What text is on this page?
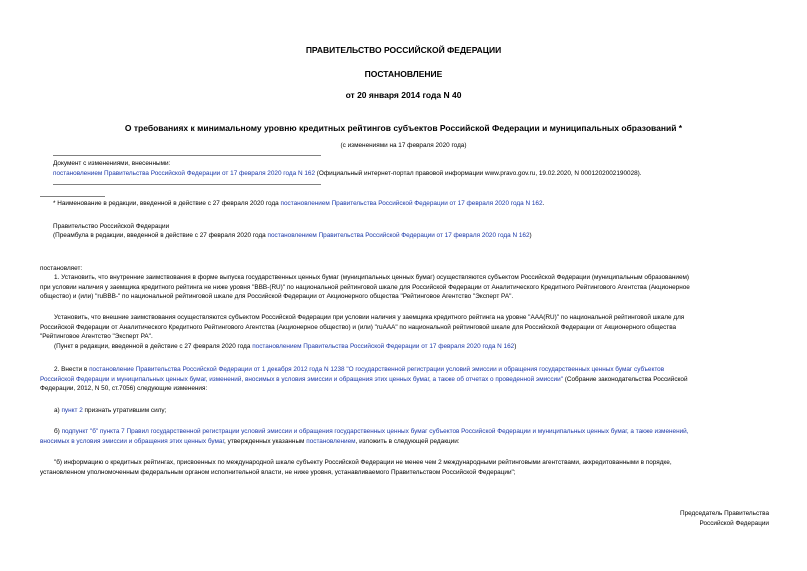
ПРАВИТЕЛЬСТВО РОССИЙСКОЙ ФЕДЕРАЦИИ
ПОСТАНОВЛЕНИЕ
от 20 января 2014 года N 40
О требованиях к минимальному уровню кредитных рейтингов субъектов Российской Федерации и муниципальных образований *
(с изменениями на 17 февраля 2020 года)
Документ с изменениями, внесенными:
постановлением Правительства Российской Федерации от 17 февраля 2020 года N 162 (Официальный интернет-портал правовой информации www.pravo.gov.ru, 19.02.2020, N 0001202002190028).
* Наименование в редакции, введенной в действие с 27 февраля 2020 года постановлением Правительства Российской Федерации от 17 февраля 2020 года N 162.
Правительство Российской Федерации
(Преамбула в редакции, введенной в действие с 27 февраля 2020 года постановлением Правительства Российской Федерации от 17 февраля 2020 года N 162)
постановляет:
1. Установить, что внутренние заимствования в форме выпуска государственных ценных бумаг (муниципальных ценных бумаг) осуществляются субъектом Российской Федерации (муниципальным образованием)
при условии наличия у заемщика кредитного рейтинга не ниже уровня "BBB-(RU)" по национальной рейтинговой шкале для Российской Федерации от Аналитического Кредитного Рейтингового Агентства (Акционерное
общество) и (или) "ruBBB-" по национальной рейтинговой шкале для Российской Федерации от Акционерного общества "Рейтинговое Агентство "Эксперт РА".
Установить, что внешние заимствования осуществляются субъектом Российской Федерации при условии наличия у заемщика кредитного рейтинга на уровне "AAA(RU)" по национальной рейтинговой шкале для
Российской Федерации от Аналитического Кредитного Рейтингового Агентства (Акционерное общество) и (или) "ruAAA" по национальной рейтинговой шкале для Российской Федерации от Акционерного общества
"Рейтинговое Агентство "Эксперт РА".
(Пункт в редакции, введенной в действие с 27 февраля 2020 года постановлением Правительства Российской Федерации от 17 февраля 2020 года N 162)
2. Внести в постановление Правительства Российской Федерации от 1 декабря 2012 года N 1238 "О государственной регистрации условий эмиссии и обращения государственных ценных бумаг субъектов
Российской Федерации и муниципальных ценных бумаг, изменений, вносимых в условия эмиссии и обращения этих ценных бумаг, а также об отчетах о проведенной эмиссии" (Собрание законодательства Российской
Федерации, 2012, N 50, ст.7056) следующие изменения:
а) пункт 2 признать утратившим силу;
б) подпункт "б" пункта 7 Правил государственной регистрации условий эмиссии и обращения государственных ценных бумаг субъектов Российской Федерации и муниципальных ценных бумаг, а также изменений,
вносимых в условия эмиссии и обращения этих ценных бумаг, утвержденных указанным постановлением, изложить в следующей редакции:
"б) информацию о кредитных рейтингах, присвоенных по международной шкале субъекту Российской Федерации не менее чем 2 международными рейтинговыми агентствами, аккредитованными в порядке,
установленном уполномоченным федеральным органом исполнительной власти, не ниже уровня, устанавливаемого Правительством Российской Федерации";
Председатель Правительства
Российской Федерации
